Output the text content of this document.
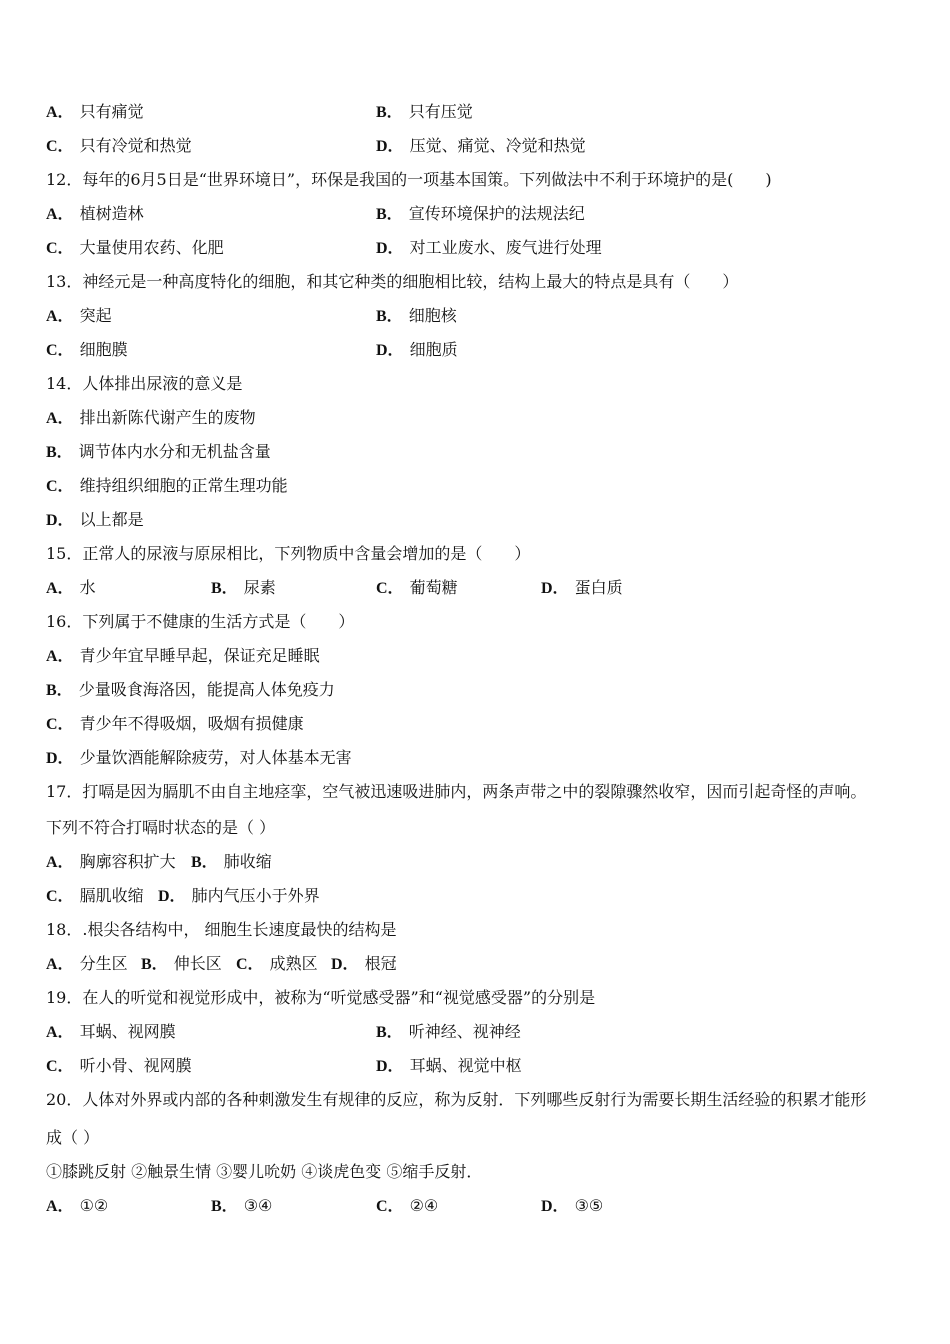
A． 只有痛觉	B． 只有压觉
C． 只有冷觉和热觉	D． 压觉、痛觉、冷觉和热觉
12．每年的6月5日是“世界环境日”，环保是我国的一项基本国策。下列做法中不利于环境护的是(　　)
A． 植树造林	B． 宣传环境保护的法规法纪
C． 大量使用农药、化肥	D． 对工业废水、废气进行处理
13．神经元是一种高度特化的细胞，和其它种类的细胞相比较，结构上最大的特点是具有（　　）
A． 突起	B． 细胞核
C． 细胞膜	D． 细胞质
14．人体排出尿液的意义是
A． 排出新陈代谢产生的废物
B． 调节体内水分和无机盐含量
C． 维持组织细胞的正常生理功能
D． 以上都是
15．正常人的尿液与原尿相比，下列物质中含量会增加的是（　　）
A． 水	B． 尿素	C． 葡萄糖	D． 蛋白质
16．下列属于不健康的生活方式是（　　）
A． 青少年宜早睡早起，保证充足睡眠
B． 少量吸食海洛因，能提高人体免疫力
C． 青少年不得吸烟，吸烟有损健康
D． 少量饮酒能解除疲劳，对人体基本无害
17．打嗝是因为膈肌不由自主地痉挛，空气被迅速吸进肺内，两条声带之中的裂隙骤然收窄，因而引起奇怪的声响。
下列不符合打嗝时状态的是（ ）
A． 胸廓容积扩大 B． 肺收缩
C． 膈肌收缩 D． 肺内气压小于外界
18．.根尖各结构中， 细胞生长速度最快的结构是
A． 分生区 B． 伸长区 C． 成熟区 D． 根冠
19．在人的听觉和视觉形成中，被称为“听觉感受器”和“视觉感受器”的分别是
A． 耳蜗、视网膜	B． 听神经、视神经
C． 听小骨、视网膜	D． 耳蜗、视觉中枢
20．人体对外界或内部的各种刺激发生有规律的反应，称为反射．下列哪些反射行为需要长期生活经验的积累才能形
成（ ）
①膝跳反射 ②触景生情 ③婴儿吮奶 ④谈虎色变 ⑤缩手反射．
A． ①②	B． ③④	C． ②④	D． ③⑤
